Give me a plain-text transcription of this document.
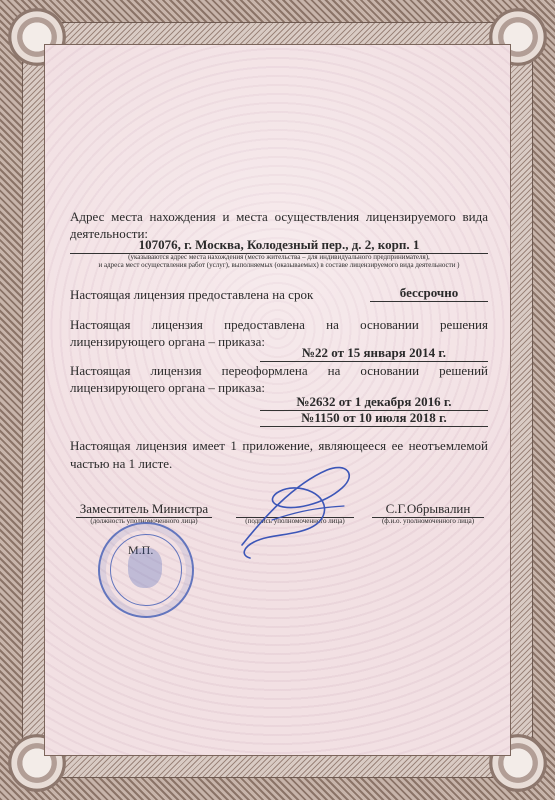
Адрес места нахождения и места осуществления лицензируемого вида
деятельности:
107076, г. Москва, Колодезный пер., д. 2, корп. 1
(указываются адрес места нахождения (место жительства – для индивидуального предпринимателя),
и адреса мест осуществления работ (услуг), выполняемых (оказываемых) в составе лицензируемого вида деятельности )
Настоящая лицензия предоставлена на срок	бессрочно
Настоящая лицензия предоставлена на основании решения
лицензирующего органа – приказа:
№22 от 15 января 2014 г.
Настоящая лицензия переоформлена на основании решений
лицензирующего органа – приказа:
№2632 от 1 декабря 2016 г.
№1150 от 10 июля 2018 г.
Настоящая лицензия имеет 1 приложение, являющееся ее неотъемлемой
частью на 1 листе.
Заместитель Министра
(должность уполномоченного лица)	(подпись уполномоченного лица)
С.Г.Обрывалин
(ф.и.о. уполномоченного лица)
М.П.
